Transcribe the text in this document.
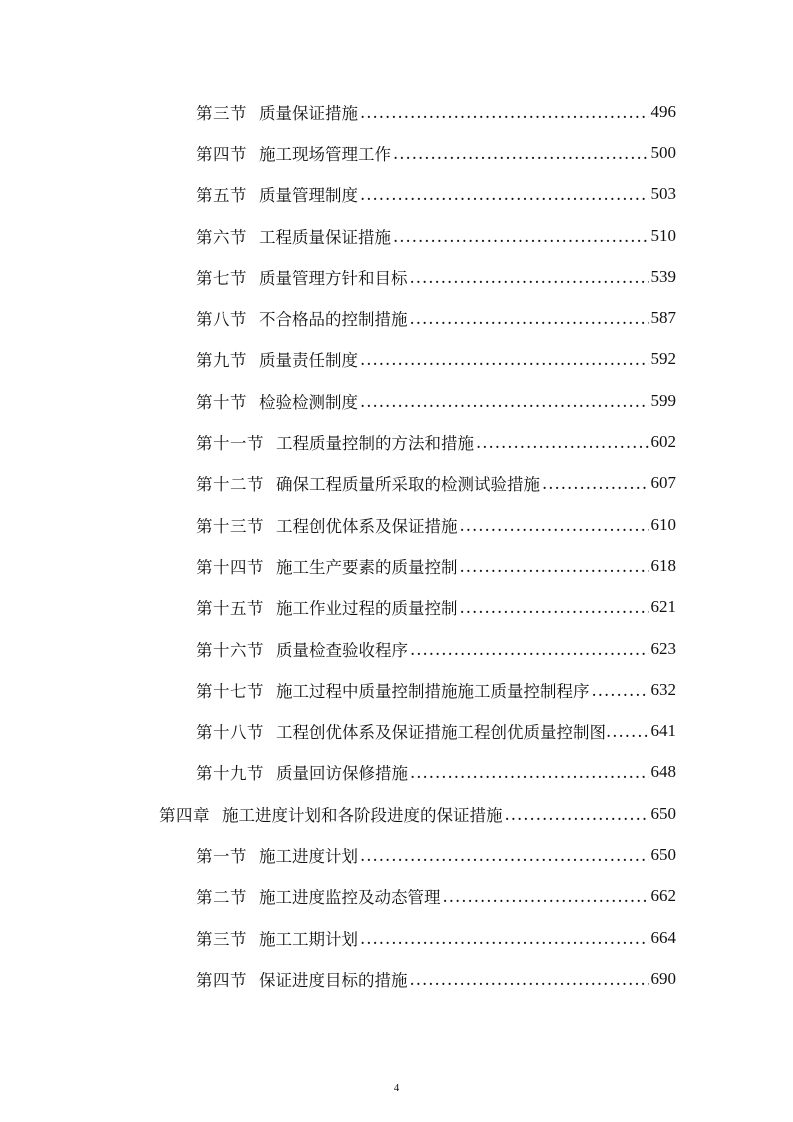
第三节 质量保证措施 .....	496
第四节 施工现场管理工作 .....	500
第五节 质量管理制度 .....	503
第六节 工程质量保证措施 .....	510
第七节 质量管理方针和目标 .....	539
第八节 不合格品的控制措施 .....	587
第九节 质量责任制度 .....	592
第十节 检验检测制度 .....	599
第十一节 工程质量控制的方法和措施 .....	602
第十二节 确保工程质量所采取的检测试验措施 .....	607
第十三节 工程创优体系及保证措施 .....	610
第十四节 施工生产要素的质量控制 .....	618
第十五节 施工作业过程的质量控制 .....	621
第十六节 质量检查验收程序 .....	623
第十七节 施工过程中质量控制措施施工质量控制程序 .....	632
第十八节 工程创优体系及保证措施工程创优质量控制图 .....	641
第十九节 质量回访保修措施 .....	648
第四章 施工进度计划和各阶段进度的保证措施 .....	650
第一节 施工进度计划 .....	650
第二节 施工进度监控及动态管理 .....	662
第三节 施工工期计划 .....	664
第四节 保证进度目标的措施 .....	690
4
